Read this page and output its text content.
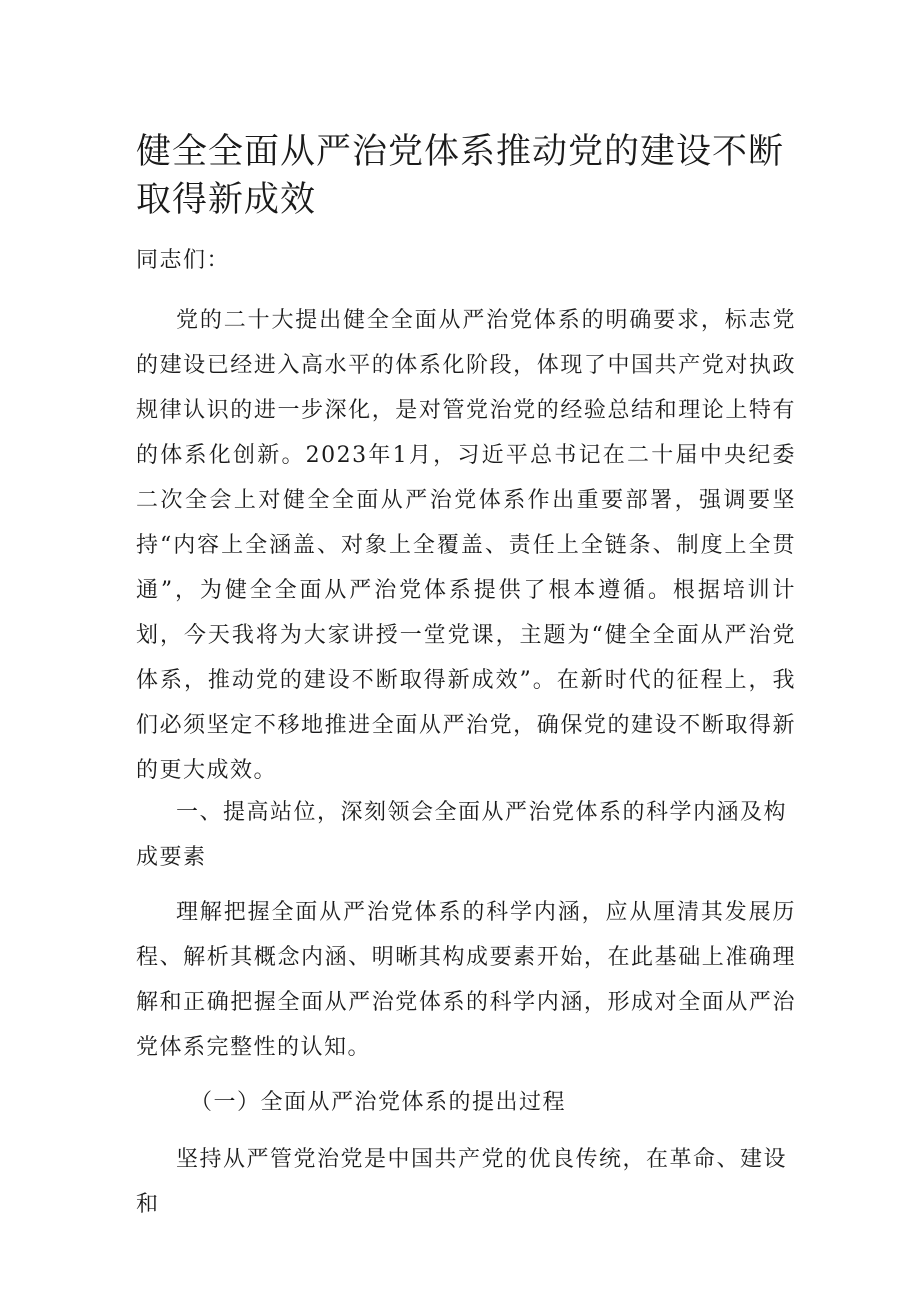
健全全面从严治党体系推动党的建设不断取得新成效

同志们：

党的二十大提出健全全面从严治党体系的明确要求，标志党的建设已经进入高水平的体系化阶段，体现了中国共产党对执政规律认识的进一步深化，是对管党治党的经验总结和理论上特有的体系化创新。2023年1月，习近平总书记在二十届中央纪委二次全会上对健全全面从严治党体系作出重要部署，强调要坚持“内容上全涵盖、对象上全覆盖、责任上全链条、制度上全贯通”，为健全全面从严治党体系提供了根本遵循。根据培训计划，今天我将为大家讲授一堂党课，主题为“健全全面从严治党体系，推动党的建设不断取得新成效”。在新时代的征程上，我们必须坚定不移地推进全面从严治党，确保党的建设不断取得新的更大成效。

一、提高站位，深刻领会全面从严治党体系的科学内涵及构成要素

理解把握全面从严治党体系的科学内涵，应从厘清其发展历程、解析其概念内涵、明晰其构成要素开始，在此基础上准确理解和正确把握全面从严治党体系的科学内涵，形成对全面从严治党体系完整性的认知。

（一）全面从严治党体系的提出过程

坚持从严管党治党是中国共产党的优良传统，在革命、建设和
